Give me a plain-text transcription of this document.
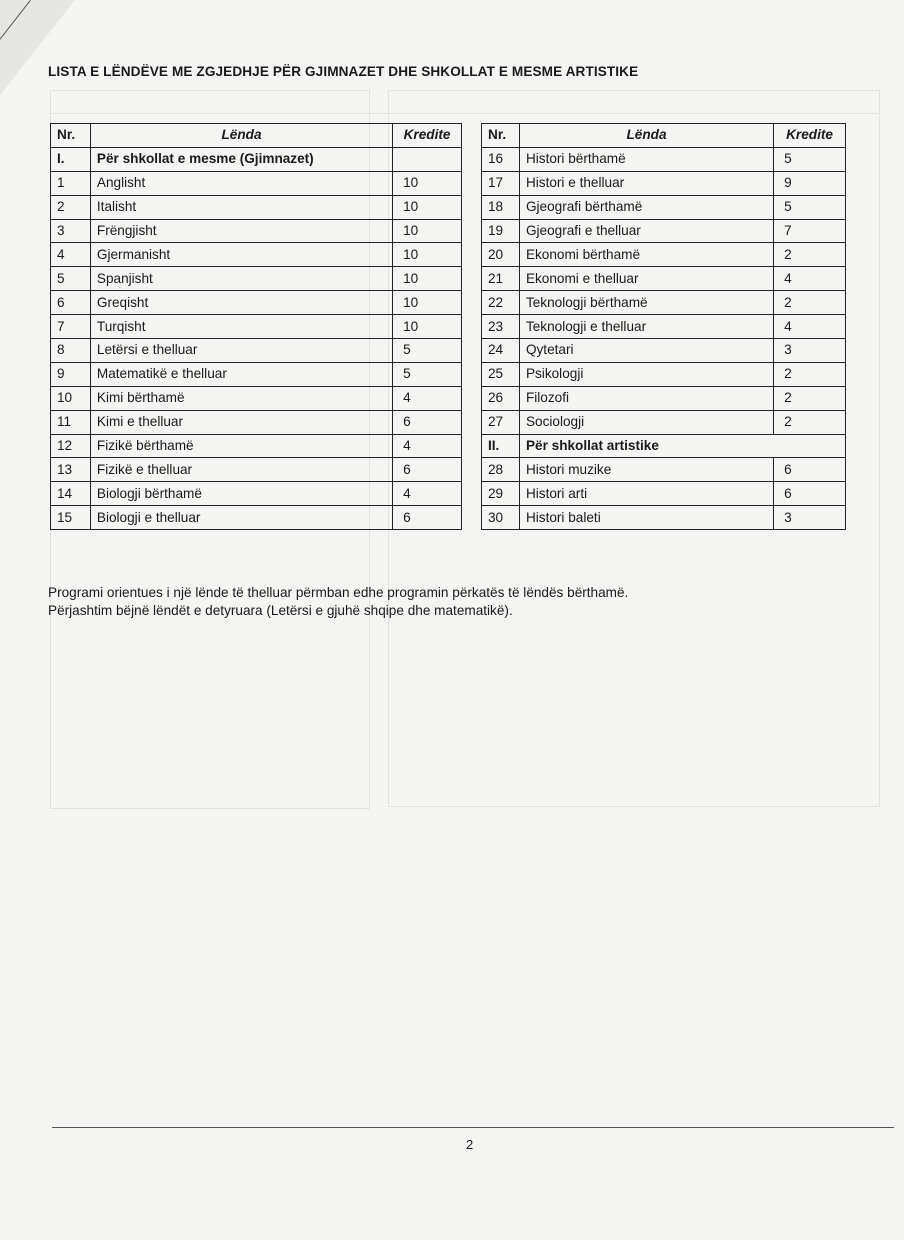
LISTA E LËNDËVE ME ZGJEDHJE PËR GJIMNAZET DHE SHKOLLAT E MESME ARTISTIKE
Nr.	Lënda	Kredite
I.	Për shkollat e mesme (Gjimnazet)	
1	Anglisht	10
2	Italisht	10
3	Frëngjisht	10
4	Gjermanisht	10
5	Spanjisht	10
6	Greqisht	10
7	Turqisht	10
8	Letërsi e thelluar	5
9	Matematikë e thelluar	5
10	Kimi bërthamë	4
11	Kimi e thelluar	6
12	Fizikë bërthamë	4
13	Fizikë e thelluar	6
14	Biologji bërthamë	4
15	Biologji e thelluar	6
Nr.	Lënda	Kredite
16	Histori bërthamë	5
17	Histori e thelluar	9
18	Gjeografi bërthamë	5
19	Gjeografi e thelluar	7
20	Ekonomi bërthamë	2
21	Ekonomi e thelluar	4
22	Teknologji bërthamë	2
23	Teknologji e thelluar	4
24	Qytetari	3
25	Psikologji	2
26	Filozofi	2
27	Sociologji	2
II.	Për shkollat artistike	
28	Histori muzike	6
29	Histori arti	6
30	Histori baleti	3

Programi orientues i një lënde të thelluar përmban edhe programin përkatës të lëndës bërthamë.

Përjashtim bëjnë lëndët e detyruara (Letërsi e gjuhë shqipe dhe matematikë).

2
